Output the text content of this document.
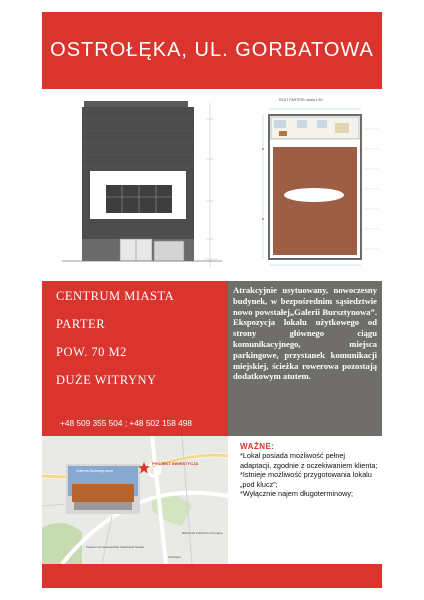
OSTROŁĘKA, UL. GORBATOWA
RZUT PARTERU skala 1:50
CENTRUM MIASTA
PARTER
POW. 70 M2
DUŻE WITRYNY
+48 509 355 504 ; +48 502 158 498

Atrakcyjnie usytuowany, nowoczesny budynek, w bezpośrednim sąsiedztwie nowo powstałej„Galerii Bursztynowa”. Ekspozycja lokalu użytkowego od strony głównego ciągu komunikacyjnego, miejsca parkingowe, przystanek komunikacji miejskiej, ścieżka rowerowa pozostają dodatkowym atutem.

Galeria Bursztynowa
PROJEKT INWESTYCJA
Biblioteka Publiczna Ostrołęka
Parafia rzymskokatolicka Zbawiciela Świata
Ostrołęka
WAŻNE:
*Lokal posiada możliwość pełnej adaptacji, zgodnie z oczekiwaniem klienta;
*Istnieje możliwość przygotowania lokalu „pod klucz”;
*Wyłącznie najem długoterminowy;
